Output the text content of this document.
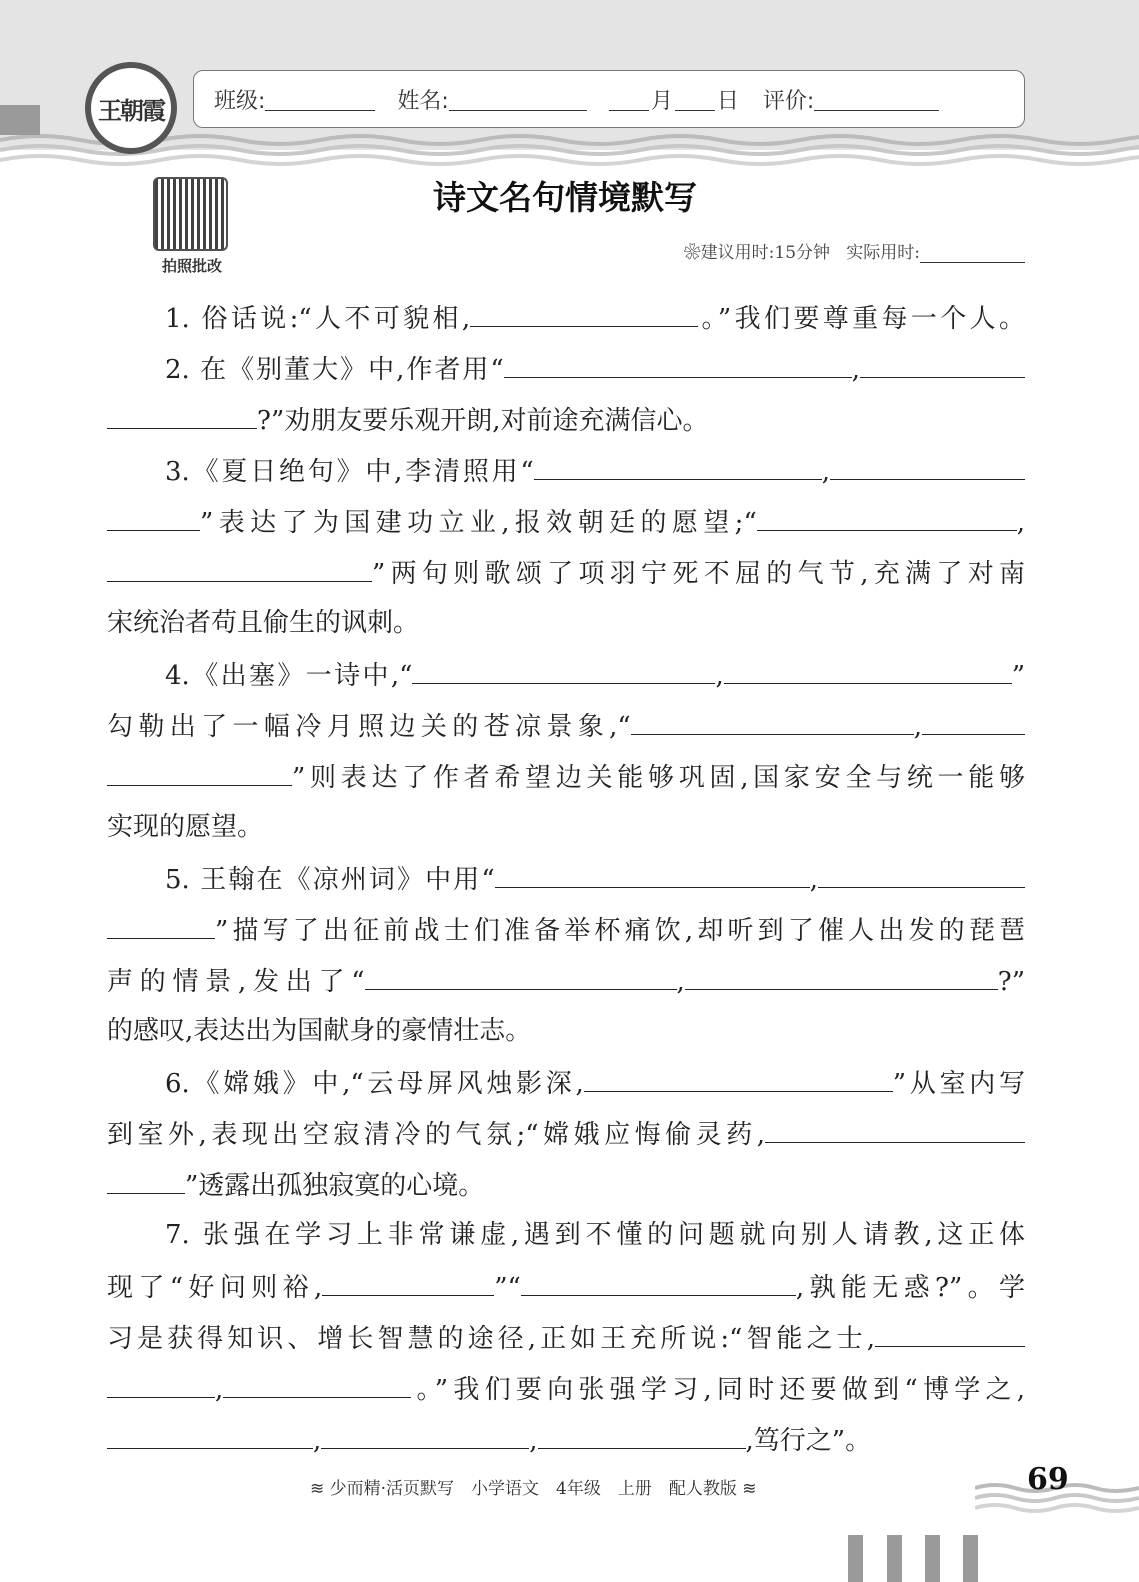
王朝霞 班级:	姓名:	月 日 评价:
拍照批改
诗文名句情境默写
❀建议用时:15分钟 实际用时:
1. 俗话说:“人不可貌相,	。”我们要尊重每一个人。
2. 在《别董大》中,作者用“	,
?”劝朋友要乐观开朗,对前途充满信心。
3.《夏日绝句》中,李清照用“	,
”表达了为国建功立业,报效朝廷的愿望;“	,
”两句则歌颂了项羽宁死不屈的气节,充满了对南
宋统治者苟且偷生的讽刺。
4.《出塞》一诗中,“	,	”
勾勒出了一幅冷月照边关的苍凉景象,“	,
”则表达了作者希望边关能够巩固,国家安全与统一能够
实现的愿望。
5. 王翰在《凉州词》中用“	,
”描写了出征前战士们准备举杯痛饮,却听到了催人出发的琵琶
声的情景,发出了“	,	?”
的感叹,表达出为国献身的豪情壮志。
6.《嫦娥》中,“云母屏风烛影深,	”从室内写
到室外,表现出空寂清冷的气氛;“嫦娥应悔偷灵药,
”透露出孤独寂寞的心境。
7. 张强在学习上非常谦虚,遇到不懂的问题就向别人请教,这正体
现了“好问则裕,	”“	,孰能无惑?”。学
习是获得知识、增长智慧的途径,正如王充所说:“智能之士,
,	。”我们要向张强学习,同时还要做到“博学之,
,	,	,笃行之”。
≋ 少而精·活页默写　小学语文　4年级　上册　配人教版 ≋	69
